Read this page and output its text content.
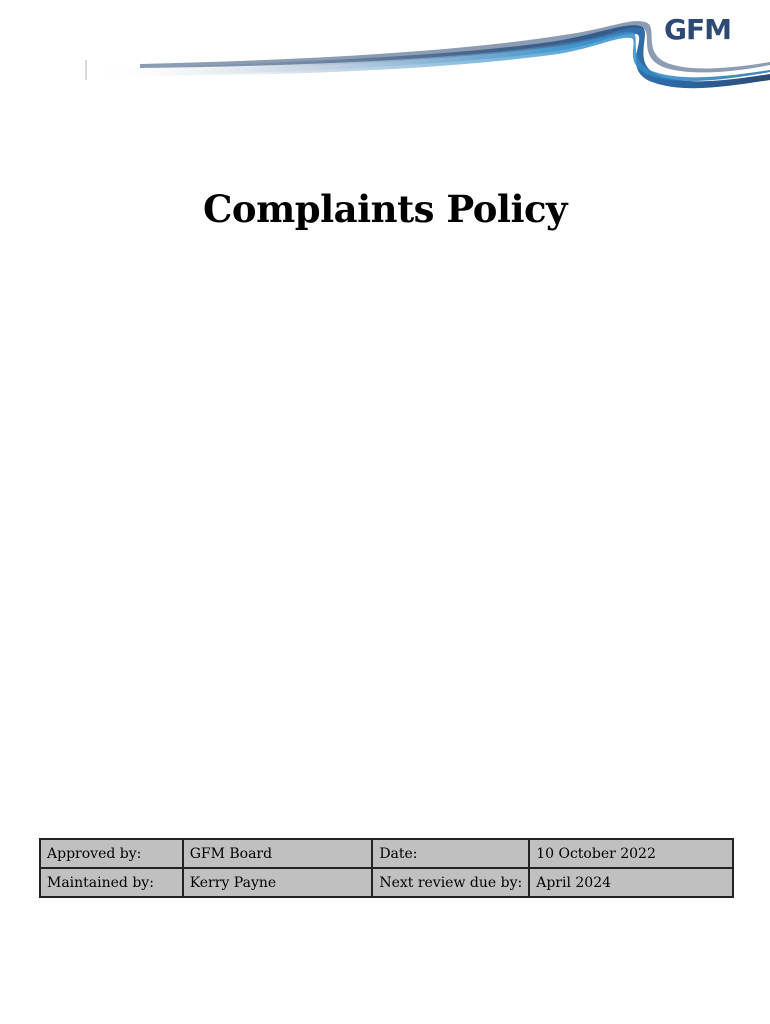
GFM
Complaints Policy
Approved by:	GFM Board	Date:	10 October 2022
Maintained by:	Kerry Payne	Next review due by:	April 2024
